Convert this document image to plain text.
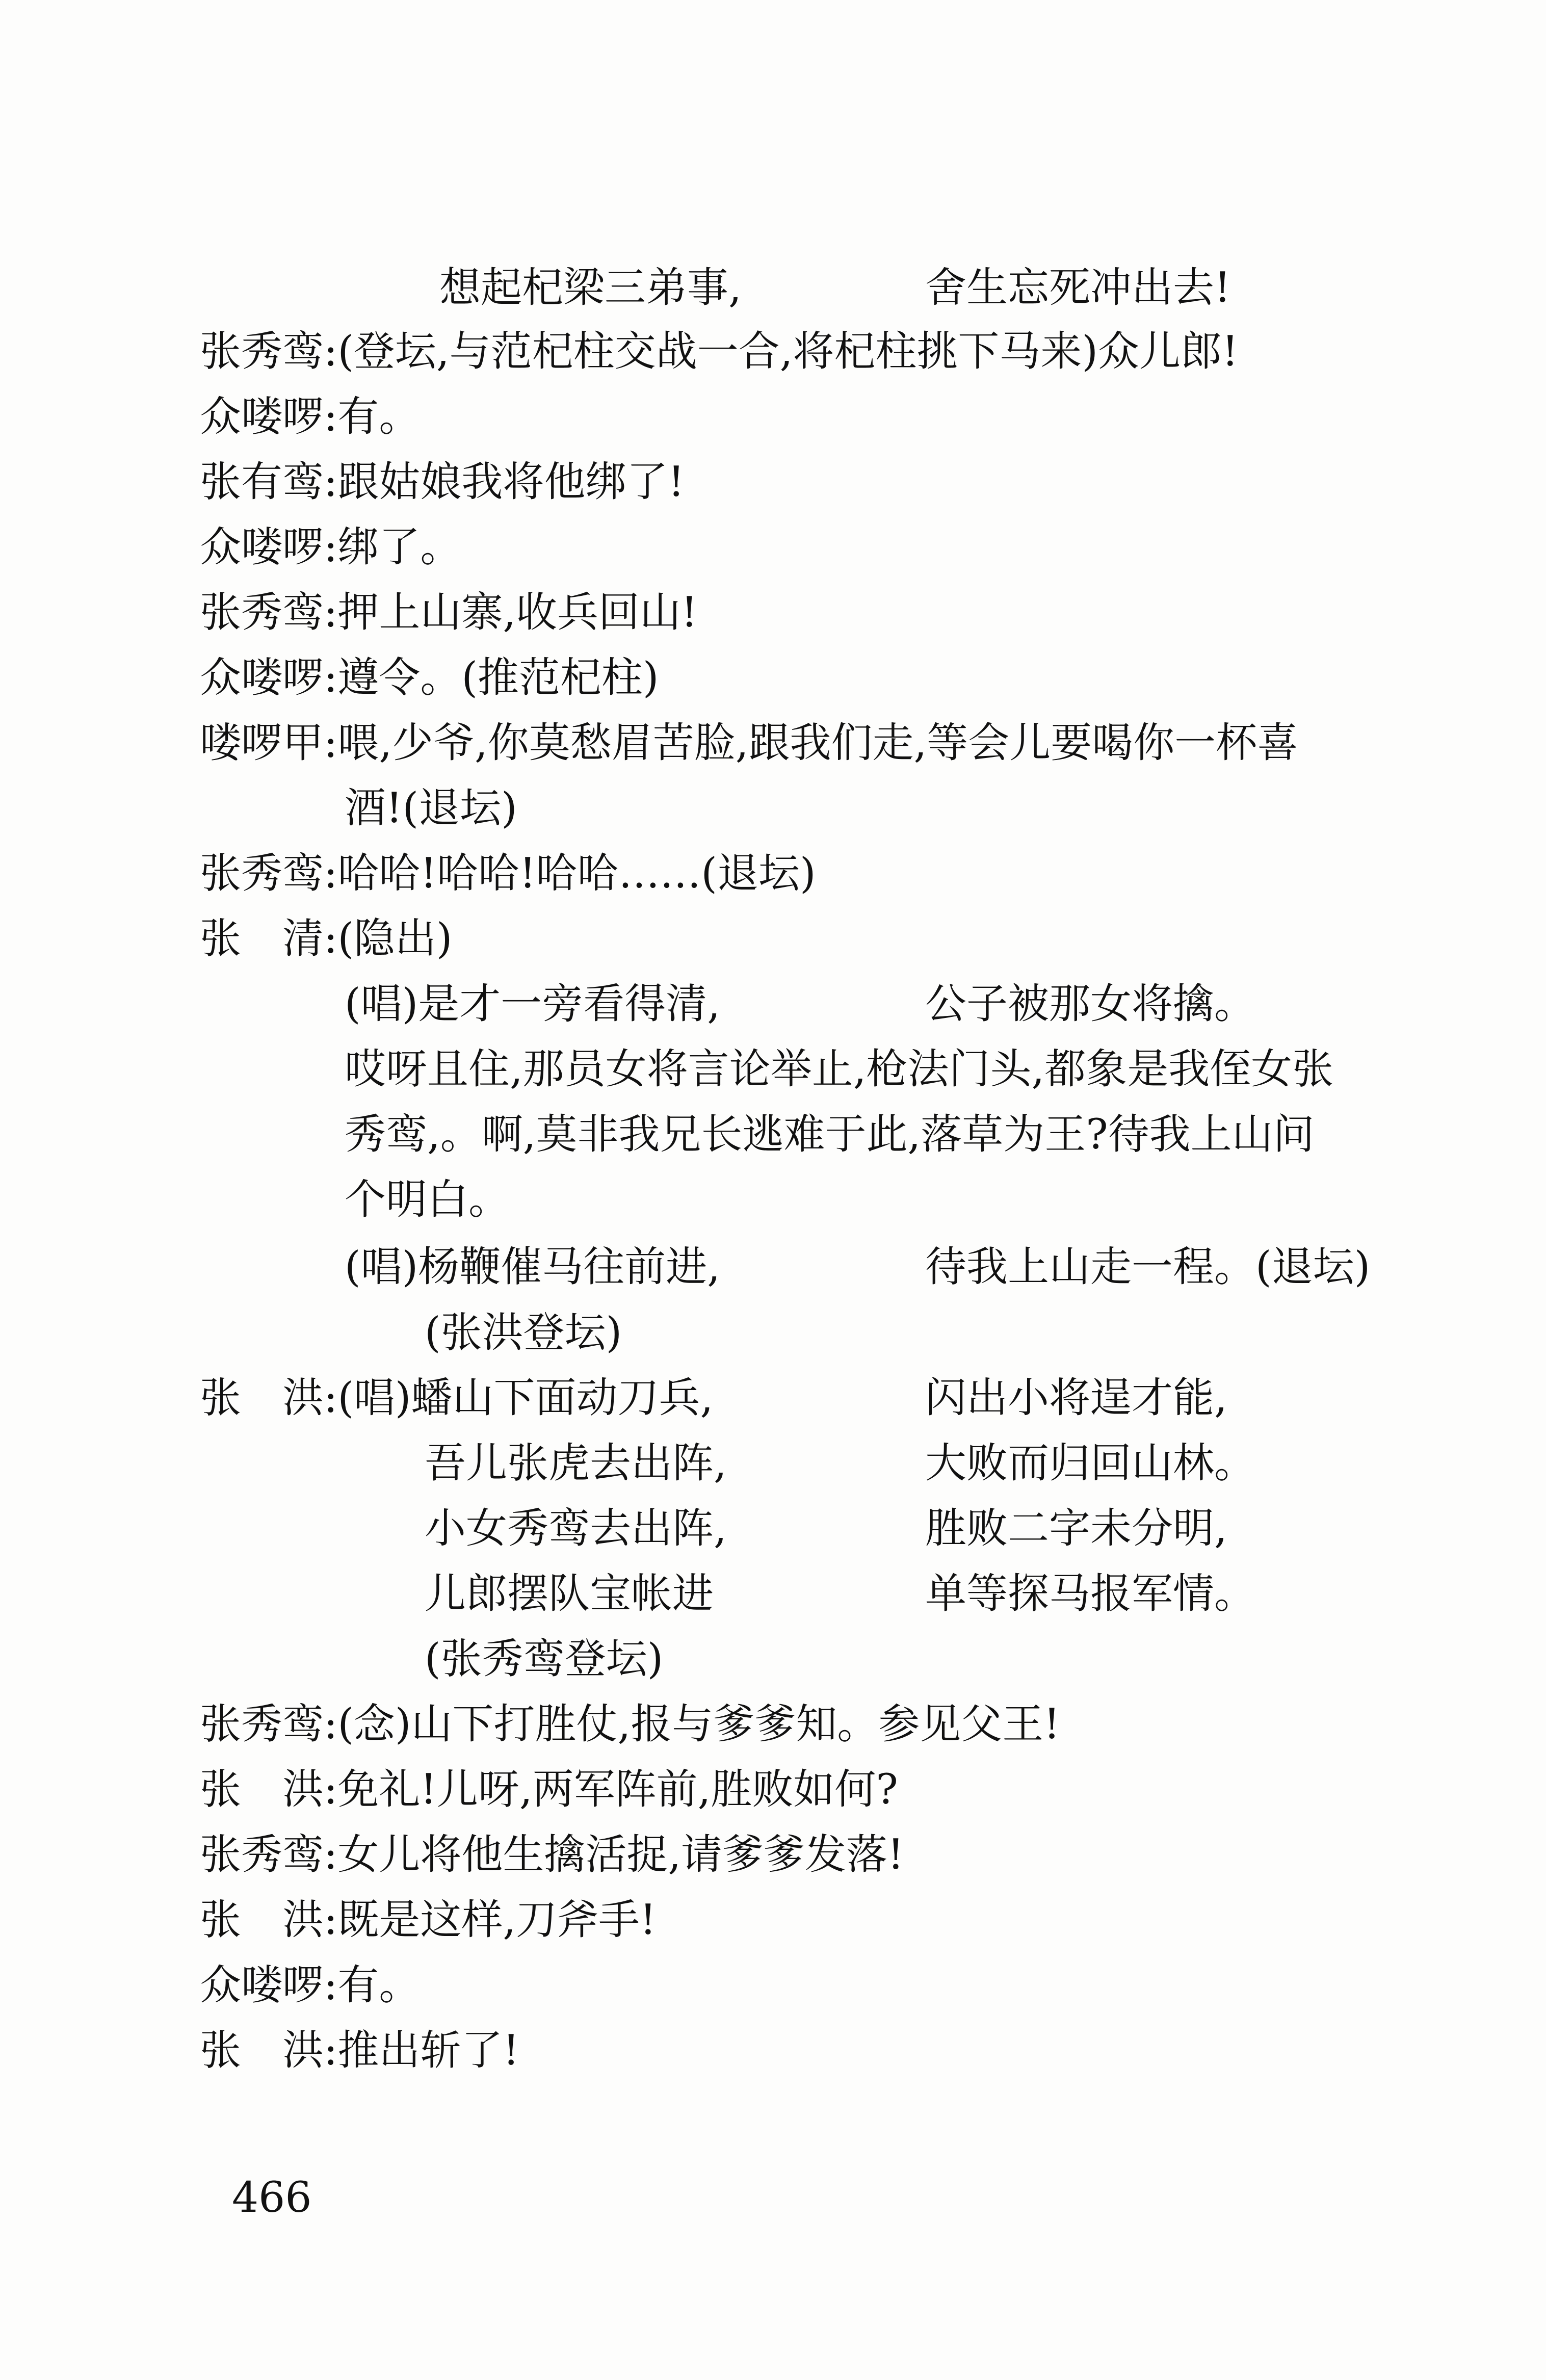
想起杞梁三弟事,	舍生忘死冲出去!
张秀鸾:(登坛,与范杞柱交战一合,将杞柱挑下马来)众儿郎!
众喽啰:有。
张有鸾:跟姑娘我将他绑了!
众喽啰:绑了。
张秀鸾:押上山寨,收兵回山!
众喽啰:遵令。(推范杞柱)
喽啰甲:喂,少爷,你莫愁眉苦脸,跟我们走,等会儿要喝你一杯喜
酒!(退坛)
张秀鸾:哈哈!哈哈!哈哈……(退坛)
张　清:(隐出)
(唱)是才一旁看得清,	公子被那女将擒。
哎呀且住,那员女将言论举止,枪法门头,都象是我侄女张
秀鸾,。啊,莫非我兄长逃难于此,落草为王?待我上山问
个明白。
(唱)杨鞭催马往前进,	待我上山走一程。(退坛)
(张洪登坛)
张　洪:(唱)蟠山下面动刀兵,	闪出小将逞才能,
吾儿张虎去出阵,	大败而归回山林。
小女秀鸾去出阵,	胜败二字未分明,
儿郎摆队宝帐进	单等探马报军情。
(张秀鸾登坛)
张秀鸾:(念)山下打胜仗,报与爹爹知。参见父王!
张　洪:免礼!儿呀,两军阵前,胜败如何?
张秀鸾:女儿将他生擒活捉,请爹爹发落!
张　洪:既是这样,刀斧手!
众喽啰:有。
张　洪:推出斩了!
466
